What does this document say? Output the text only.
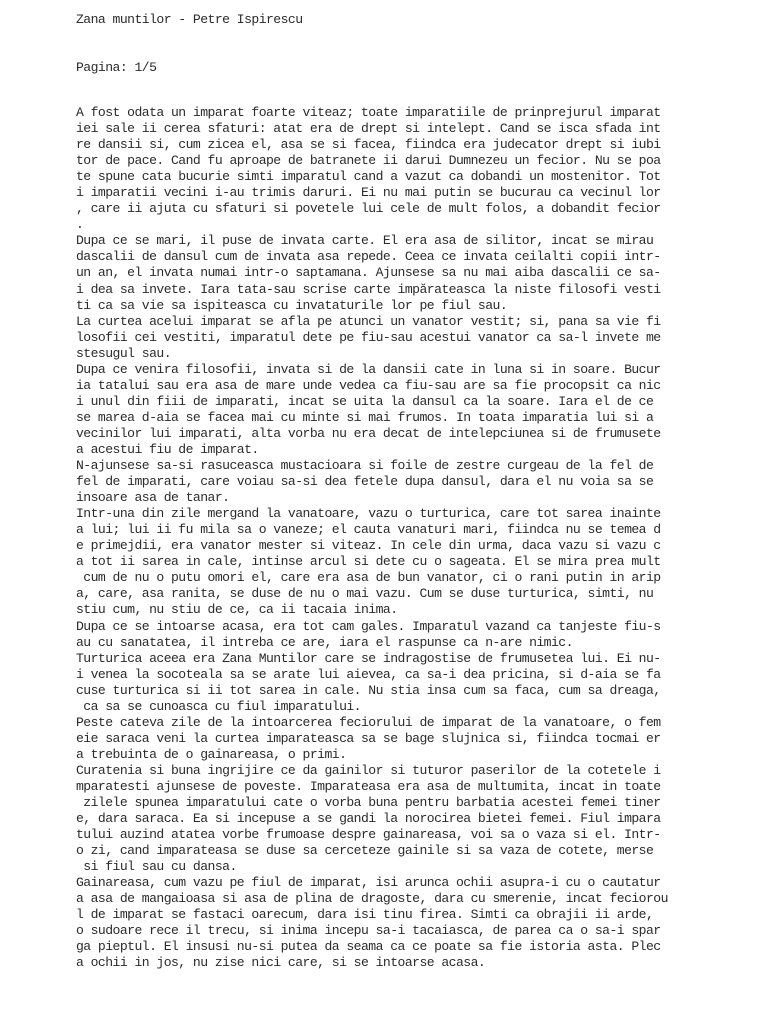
Zana muntilor - Petre Ispirescu
Pagina: 1/5
A fost odata un imparat foarte viteaz; toate imparatiile de prinprejurul imparat
iei sale ii cerea sfaturi: atat era de drept si intelept. Cand se isca sfada int
re dansii si, cum zicea el, asa se si facea, fiindca era judecator drept si iubi
tor de pace. Cand fu aproape de batranete ii darui Dumnezeu un fecior. Nu se poa
te spune cata bucurie simti imparatul cand a vazut ca dobandi un mostenitor. Tot
i imparatii vecini i-au trimis daruri. Ei nu mai putin se bucurau ca vecinul lor
, care ii ajuta cu sfaturi si povetele lui cele de mult folos, a dobandit fecior
.
Dupa ce se mari, il puse de invata carte. El era asa de silitor, incat se mirau
dascalii de dansul cum de invata asa repede. Ceea ce invata ceilalti copii intr-
un an, el invata numai intr-o saptamana. Ajunsese sa nu mai aiba dascalii ce sa-
i dea sa invete. Iara tata-sau scrise carte impărateasca la niste filosofi vesti
ti ca sa vie sa ispiteasca cu invataturile lor pe fiul sau.
La curtea acelui imparat se afla pe atunci un vanator vestit; si, pana sa vie fi
losofii cei vestiti, imparatul dete pe fiu-sau acestui vanator ca sa-l invete me
stesugul sau.
Dupa ce venira filosofii, invata si de la dansii cate in luna si in soare. Bucur
ia tatalui sau era asa de mare unde vedea ca fiu-sau are sa fie procopsit ca nic
i unul din fiii de imparati, incat se uita la dansul ca la soare. Iara el de ce
se marea d-aia se facea mai cu minte si mai frumos. In toata imparatia lui si a
vecinilor lui imparati, alta vorba nu era decat de intelepciunea si de frumusete
a acestui fiu de imparat.
N-ajunsese sa-si rasuceasca mustacioara si foile de zestre curgeau de la fel de
fel de imparati, care voiau sa-si dea fetele dupa dansul, dara el nu voia sa se
insoare asa de tanar.
Intr-una din zile mergand la vanatoare, vazu o turturica, care tot sarea inainte
a lui; lui ii fu mila sa o vaneze; el cauta vanaturi mari, fiindca nu se temea d
e primejdii, era vanator mester si viteaz. In cele din urma, daca vazu si vazu c
a tot ii sarea in cale, intinse arcul si dete cu o sageata. El se mira prea mult
cum de nu o putu omori el, care era asa de bun vanator, ci o rani putin in arip
a, care, asa ranita, se duse de nu o mai vazu. Cum se duse turturica, simti, nu
stiu cum, nu stiu de ce, ca ii tacaia inima.
Dupa ce se intoarse acasa, era tot cam gales. Imparatul vazand ca tanjeste fiu-s
au cu sanatatea, il intreba ce are, iara el raspunse ca n-are nimic.
Turturica aceea era Zana Muntilor care se indragostise de frumusetea lui. Ei nu-
i venea la socoteala sa se arate lui aievea, ca sa-i dea pricina, si d-aia se fa
cuse turturica si ii tot sarea in cale. Nu stia insa cum sa faca, cum sa dreaga,
ca sa se cunoasca cu fiul imparatului.
Peste cateva zile de la intoarcerea feciorului de imparat de la vanatoare, o fem
eie saraca veni la curtea imparateasca sa se bage slujnica si, fiindca tocmai er
a trebuinta de o gainareasa, o primi.
Curatenia si buna ingrijire ce da gainilor si tuturor paserilor de la cotetele i
mparatesti ajunsese de poveste. Imparateasa era asa de multumita, incat in toate
zilele spunea imparatului cate o vorba buna pentru barbatia acestei femei tiner
e, dara saraca. Ea si incepuse a se gandi la norocirea bietei femei. Fiul impara
tului auzind atatea vorbe frumoase despre gainareasa, voi sa o vaza si el. Intr-
o zi, cand imparateasa se duse sa cerceteze gainile si sa vaza de cotete, merse
si fiul sau cu dansa.
Gainareasa, cum vazu pe fiul de imparat, isi arunca ochii asupra-i cu o cautatur
a asa de mangaioasa si asa de plina de dragoste, dara cu smerenie, incat feciorou
l de imparat se fastaci oarecum, dara isi tinu firea. Simti ca obrajii ii arde,
o sudoare rece il trecu, si inima incepu sa-i tacaiasca, de parea ca o sa-i spar
ga pieptul. El insusi nu-si putea da seama ca ce poate sa fie istoria asta. Plec
a ochii in jos, nu zise nici care, si se intoarse acasa.
